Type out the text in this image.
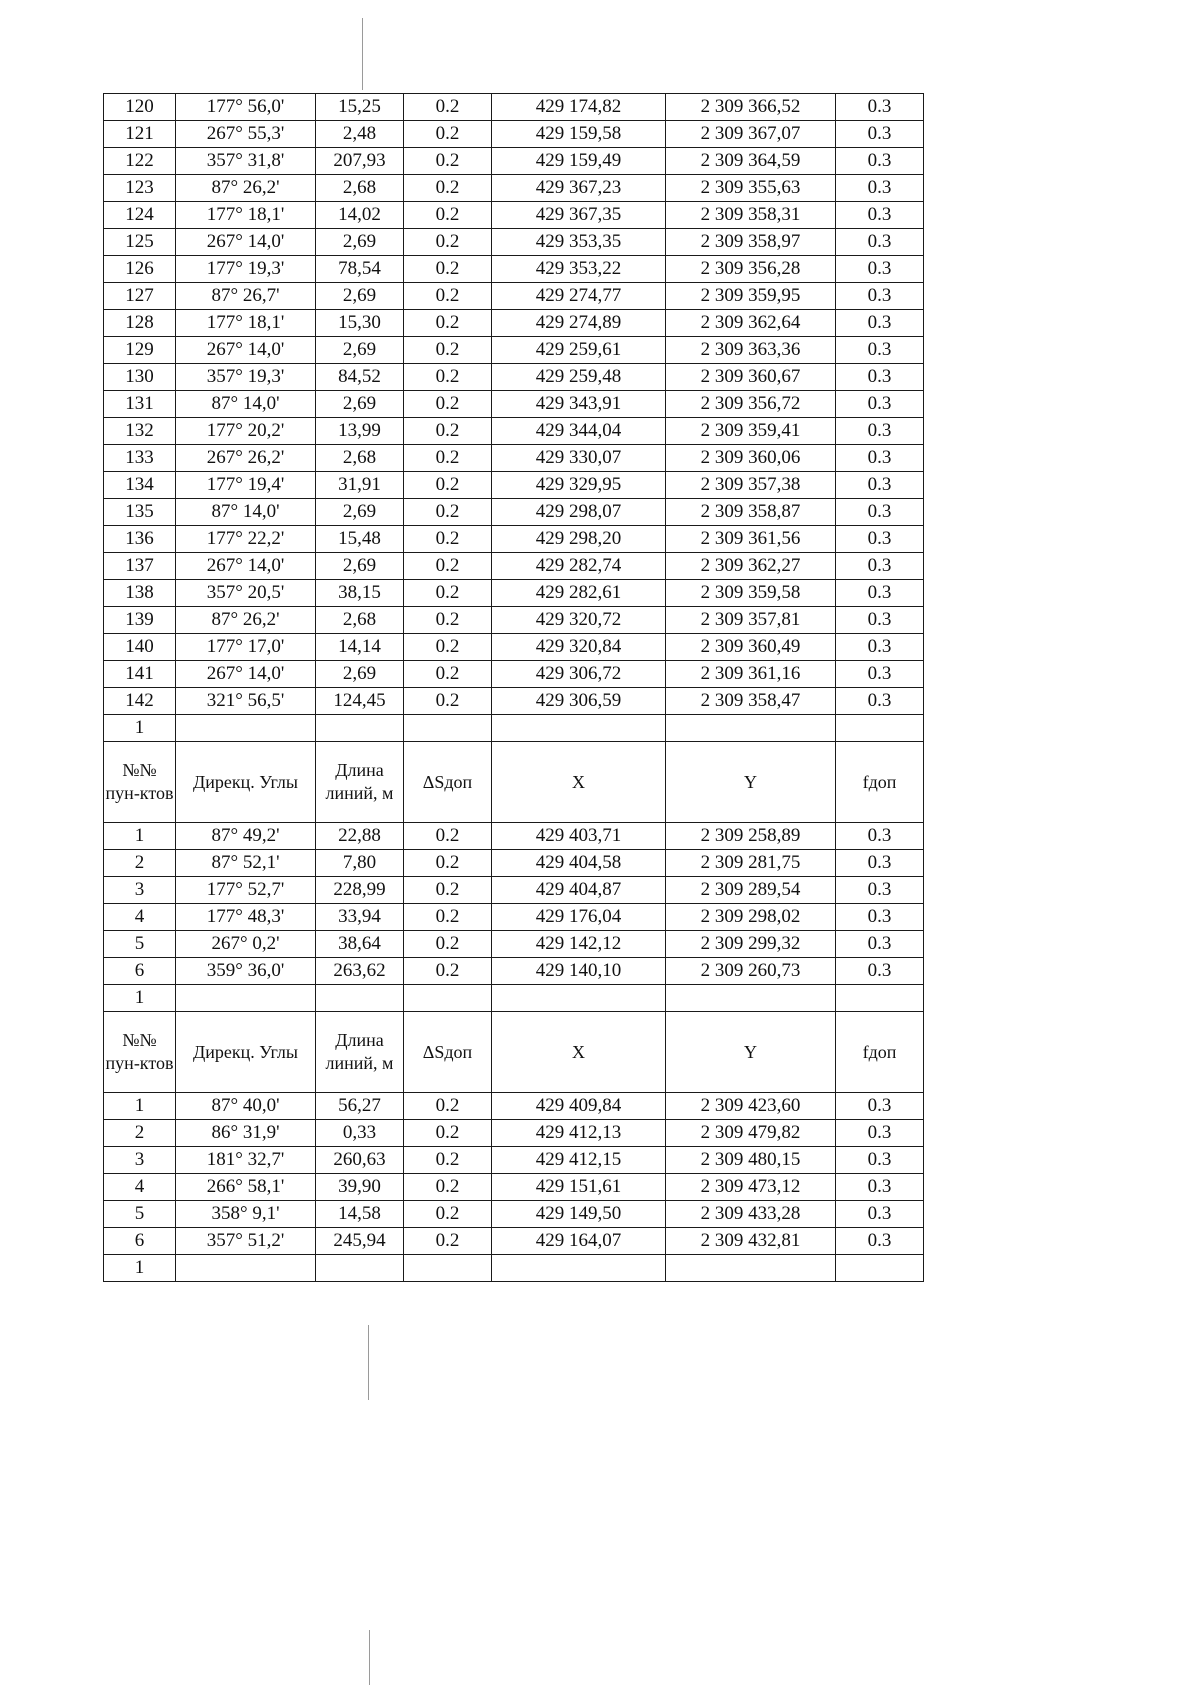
120	177° 56,0'	15,25	0.2	429 174,82	2 309 366,52	0.3
121	267° 55,3'	2,48	0.2	429 159,58	2 309 367,07	0.3
122	357° 31,8'	207,93	0.2	429 159,49	2 309 364,59	0.3
123	87° 26,2'	2,68	0.2	429 367,23	2 309 355,63	0.3
124	177° 18,1'	14,02	0.2	429 367,35	2 309 358,31	0.3
125	267° 14,0'	2,69	0.2	429 353,35	2 309 358,97	0.3
126	177° 19,3'	78,54	0.2	429 353,22	2 309 356,28	0.3
127	87° 26,7'	2,69	0.2	429 274,77	2 309 359,95	0.3
128	177° 18,1'	15,30	0.2	429 274,89	2 309 362,64	0.3
129	267° 14,0'	2,69	0.2	429 259,61	2 309 363,36	0.3
130	357° 19,3'	84,52	0.2	429 259,48	2 309 360,67	0.3
131	87° 14,0'	2,69	0.2	429 343,91	2 309 356,72	0.3
132	177° 20,2'	13,99	0.2	429 344,04	2 309 359,41	0.3
133	267° 26,2'	2,68	0.2	429 330,07	2 309 360,06	0.3
134	177° 19,4'	31,91	0.2	429 329,95	2 309 357,38	0.3
135	87° 14,0'	2,69	0.2	429 298,07	2 309 358,87	0.3
136	177° 22,2'	15,48	0.2	429 298,20	2 309 361,56	0.3
137	267° 14,0'	2,69	0.2	429 282,74	2 309 362,27	0.3
138	357° 20,5'	38,15	0.2	429 282,61	2 309 359,58	0.3
139	87° 26,2'	2,68	0.2	429 320,72	2 309 357,81	0.3
140	177° 17,0'	14,14	0.2	429 320,84	2 309 360,49	0.3
141	267° 14,0'	2,69	0.2	429 306,72	2 309 361,16	0.3
142	321° 56,5'	124,45	0.2	429 306,59	2 309 358,47	0.3
1						
№№ пун-ктов	Дирекц. Углы	Длина линий, м	ΔSдоп	X	Y	fдоп
1	87° 49,2'	22,88	0.2	429 403,71	2 309 258,89	0.3
2	87° 52,1'	7,80	0.2	429 404,58	2 309 281,75	0.3
3	177° 52,7'	228,99	0.2	429 404,87	2 309 289,54	0.3
4	177° 48,3'	33,94	0.2	429 176,04	2 309 298,02	0.3
5	267° 0,2'	38,64	0.2	429 142,12	2 309 299,32	0.3
6	359° 36,0'	263,62	0.2	429 140,10	2 309 260,73	0.3
1						
№№ пун-ктов	Дирекц. Углы	Длина линий, м	ΔSдоп	X	Y	fдоп
1	87° 40,0'	56,27	0.2	429 409,84	2 309 423,60	0.3
2	86° 31,9'	0,33	0.2	429 412,13	2 309 479,82	0.3
3	181° 32,7'	260,63	0.2	429 412,15	2 309 480,15	0.3
4	266° 58,1'	39,90	0.2	429 151,61	2 309 473,12	0.3
5	358° 9,1'	14,58	0.2	429 149,50	2 309 433,28	0.3
6	357° 51,2'	245,94	0.2	429 164,07	2 309 432,81	0.3
1						
